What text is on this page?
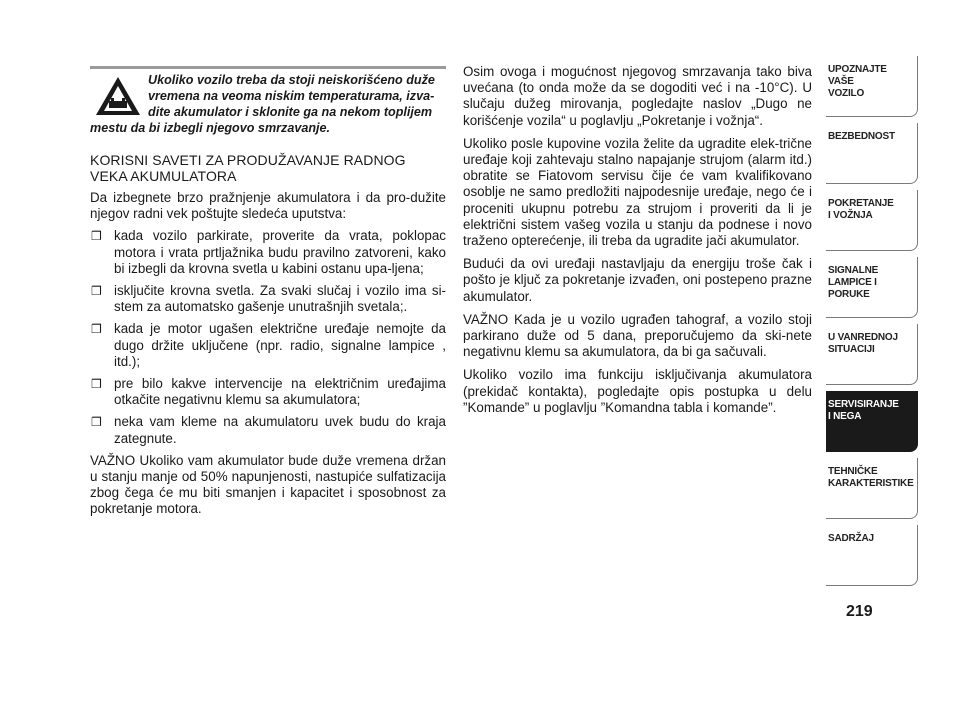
Ukoliko vozilo treba da stoji neiskorišćeno duže
vremena na veoma niskim temperaturama, izva-
dite akumulator i sklonite ga na nekom toplijem
mestu da bi izbegli njegovo smrzavanje.
KORISNI SAVETI ZA PRODUŽAVANJE RADNOG
VEKA AKUMULATORA

Da izbegnete brzo pražnjenje akumulatora i da pro-dužite njegov radni vek poštujte sledeća uputstva:

❒ kada vozilo parkirate, proverite da vrata, poklopac motora i vrata prtljažnika budu pravilno zatvoreni, kako bi izbegli da krovna svetla u kabini ostanu upa-ljena;
❒ isključite krovna svetla. Za svaki slučaj i vozilo ima si-stem za automatsko gašenje unutrašnjih svetala;.
❒ kada je motor ugašen električne uređaje nemojte da dugo držite uključene (npr. radio, signalne lampice , itd.);
❒ pre bilo kakve intervencije na električnim uređajima otkačite negativnu klemu sa akumulatora;
❒ neka vam kleme na akumulatoru uvek budu do kraja zategnute.

VAŽNO Ukoliko vam akumulator bude duže vremena držan u stanju manje od 50% napunjenosti, nastupiće sulfatizacija zbog čega će mu biti smanjen i kapacitet i sposobnost za pokretanje motora.

Osim ovoga i mogućnost njegovog smrzavanja tako biva uvećana (to onda može da se dogoditi već i na -10°C). U slučaju dužeg mirovanja, pogledajte naslov „Dugo ne korišćenje vozila“ u poglavlju „Pokretanje i vožnja“.

Ukoliko posle kupovine vozila želite da ugradite elek-trične uređaje koji zahtevaju stalno napajanje strujom (alarm itd.) obratite se Fiatovom servisu čije će vam kvalifikovano osoblje ne samo predložiti najpodesnije uređaje, nego će i proceniti ukupnu potrebu za strujom i proveriti da li je električni sistem vašeg vozila u stanju da podnese i novo traženo opterećenje, ili treba da ugradite jači akumulator.

Budući da ovi uređaji nastavljaju da energiju troše čak i pošto je ključ za pokretanje izvađen, oni postepeno prazne akumulator.

VAŽNO Kada je u vozilo ugrađen tahograf, a vozilo stoji parkirano duže od 5 dana, preporučujemo da ski-nete negativnu klemu sa akumulatora, da bi ga sačuvali.

Ukoliko vozilo ima funkciju isključivanja akumulatora (prekidač kontakta), pogledajte opis postupka u delu ”Komande” u poglavlju ”Komandna tabla i komande”.

UPOZNAJTE
VAŠE
VOZILO
BEZBEDNOST
POKRETANJE
I VOŽNJA
SIGNALNE
LAMPICE I PORUKE
U VANREDNOJ
SITUACIJI
SERVISIRANJE
I NEGA
TEHNIČKE
KARAKTERISTIKE
SADRŽAJ
219
